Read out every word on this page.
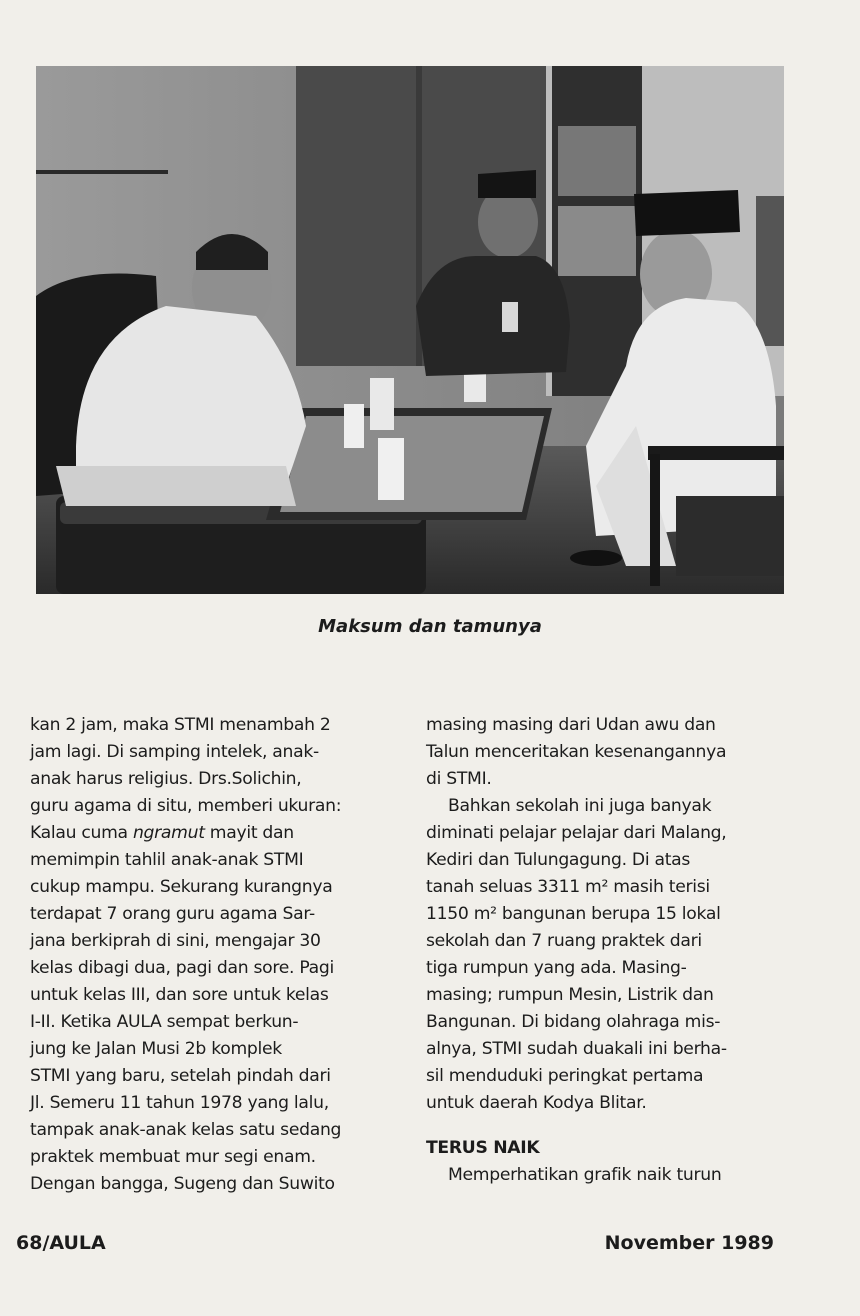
Maksum dan tamunya
kan 2 jam, maka STMI menambah 2
jam lagi. Di samping intelek, anak-
anak harus religius. Drs.Solichin,
guru agama di situ, memberi ukuran:
Kalau cuma ngramut mayit dan
memimpin tahlil anak-anak STMI
cukup mampu. Sekurang kurangnya
terdapat 7 orang guru agama Sar-
jana berkiprah di sini, mengajar 30
kelas dibagi dua, pagi dan sore. Pagi
untuk kelas III, dan sore untuk kelas
I-II. Ketika AULA sempat berkun-
jung ke Jalan Musi 2b komplek
STMI yang baru, setelah pindah dari
Jl. Semeru 11 tahun 1978 yang lalu,
tampak anak-anak kelas satu sedang
praktek membuat mur segi enam.
Dengan bangga, Sugeng dan Suwito
masing masing dari Udan awu dan
Talun menceritakan kesenangannya
di STMI.
Bahkan sekolah ini juga banyak
diminati pelajar pelajar dari Malang,
Kediri dan Tulungagung. Di atas
tanah seluas 3311 m² masih terisi
1150 m² bangunan berupa 15 lokal
sekolah dan 7 ruang praktek dari
tiga rumpun yang ada. Masing-
masing; rumpun Mesin, Listrik dan
Bangunan. Di bidang olahraga mis-
alnya, STMI sudah duakali ini berha-
sil menduduki peringkat pertama
untuk daerah Kodya Blitar.
TERUS NAIK
Memperhatikan grafik naik turun
68/AULA	November 1989
